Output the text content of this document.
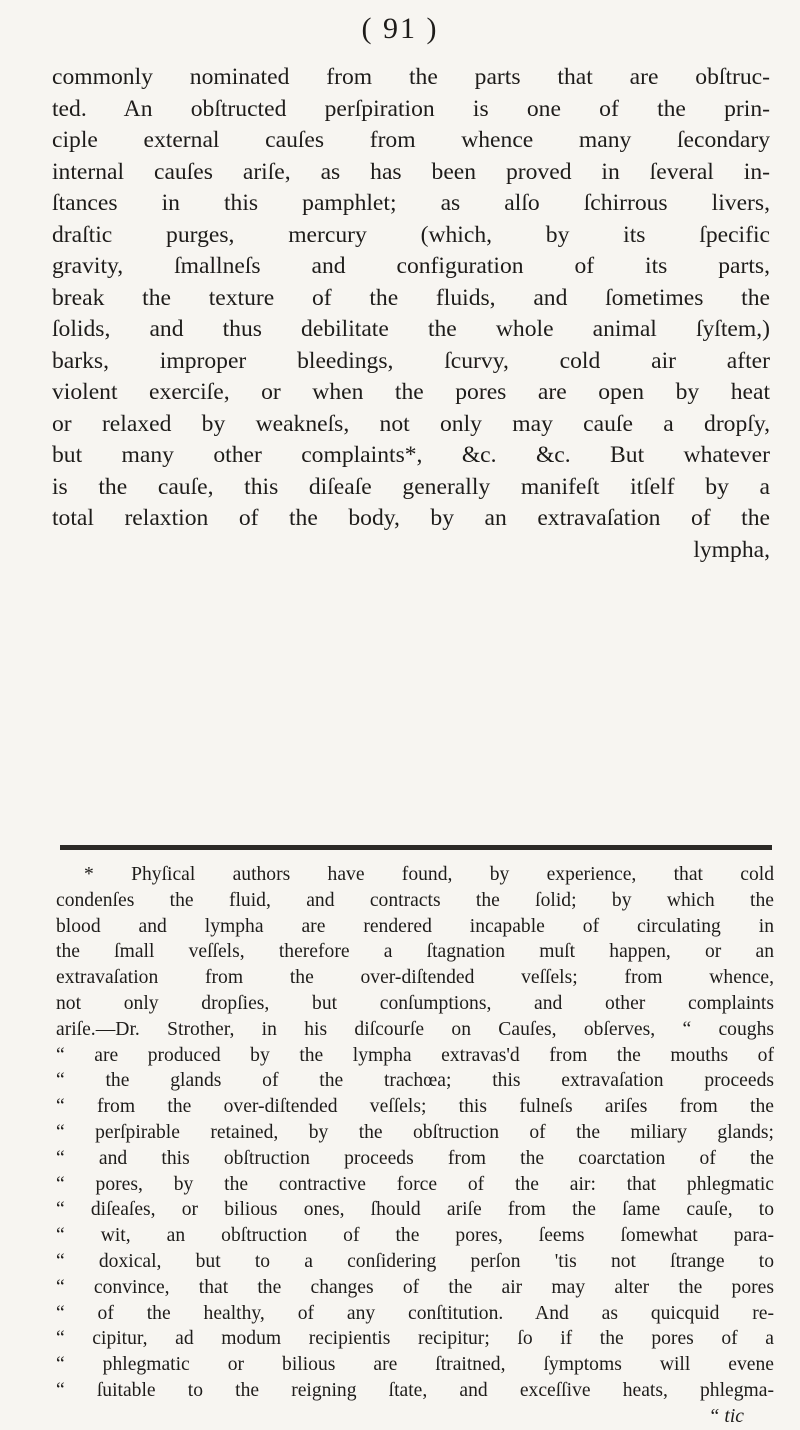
( 91 )
commonly nominated from the parts that are obſtruc-
ted. An obſtructed perſpiration is one of the prin-
ciple external cauſes from whence many ſecondary
internal cauſes ariſe, as has been proved in ſeveral in-
ſtances in this pamphlet; as alſo ſchirrous livers,
draſtic purges, mercury (which, by its ſpecific
gravity, ſmallneſs and configuration of its parts,
break the texture of the fluids, and ſometimes the
ſolids, and thus debilitate the whole animal ſyſtem,)
barks, improper bleedings, ſcurvy, cold air after
violent exerciſe, or when the pores are open by heat
or relaxed by weakneſs, not only may cauſe a dropſy,
but many other complaints*, &c. &c. But whatever
is the cauſe, this diſeaſe generally manifeſt itſelf by a
total relaxtion of the body, by an extravaſation of the
lympha,
* Phyſical authors have found, by experience, that cold
condenſes the fluid, and contracts the ſolid; by which the
blood and lympha are rendered incapable of circulating in
the ſmall veſſels, therefore a ſtagnation muſt happen, or an
extravaſation from the over-diſtended veſſels; from whence,
not only dropſies, but conſumptions, and other complaints
ariſe.—Dr. Strother, in his diſcourſe on Cauſes, obſerves, “ coughs
“ are produced by the lympha extravas'd from the mouths of
“ the glands of the trachœa; this extravaſation proceeds
“ from the over-diſtended veſſels; this fulneſs ariſes from the
“ perſpirable retained, by the obſtruction of the miliary glands;
“ and this obſtruction proceeds from the coarctation of the
“ pores, by the contractive force of the air: that phlegmatic
“ diſeaſes, or bilious ones, ſhould ariſe from the ſame cauſe, to
“ wit, an obſtruction of the pores, ſeems ſomewhat para-
“ doxical, but to a conſidering perſon 'tis not ſtrange to
“ convince, that the changes of the air may alter the pores
“ of the healthy, of any conſtitution. And as quicquid re-
“ cipitur, ad modum recipientis recipitur; ſo if the pores of a
“ phlegmatic or bilious are ſtraitned, ſymptoms will evene
“ ſuitable to the reigning ſtate, and exceſſive heats, phlegma-
“ tic
